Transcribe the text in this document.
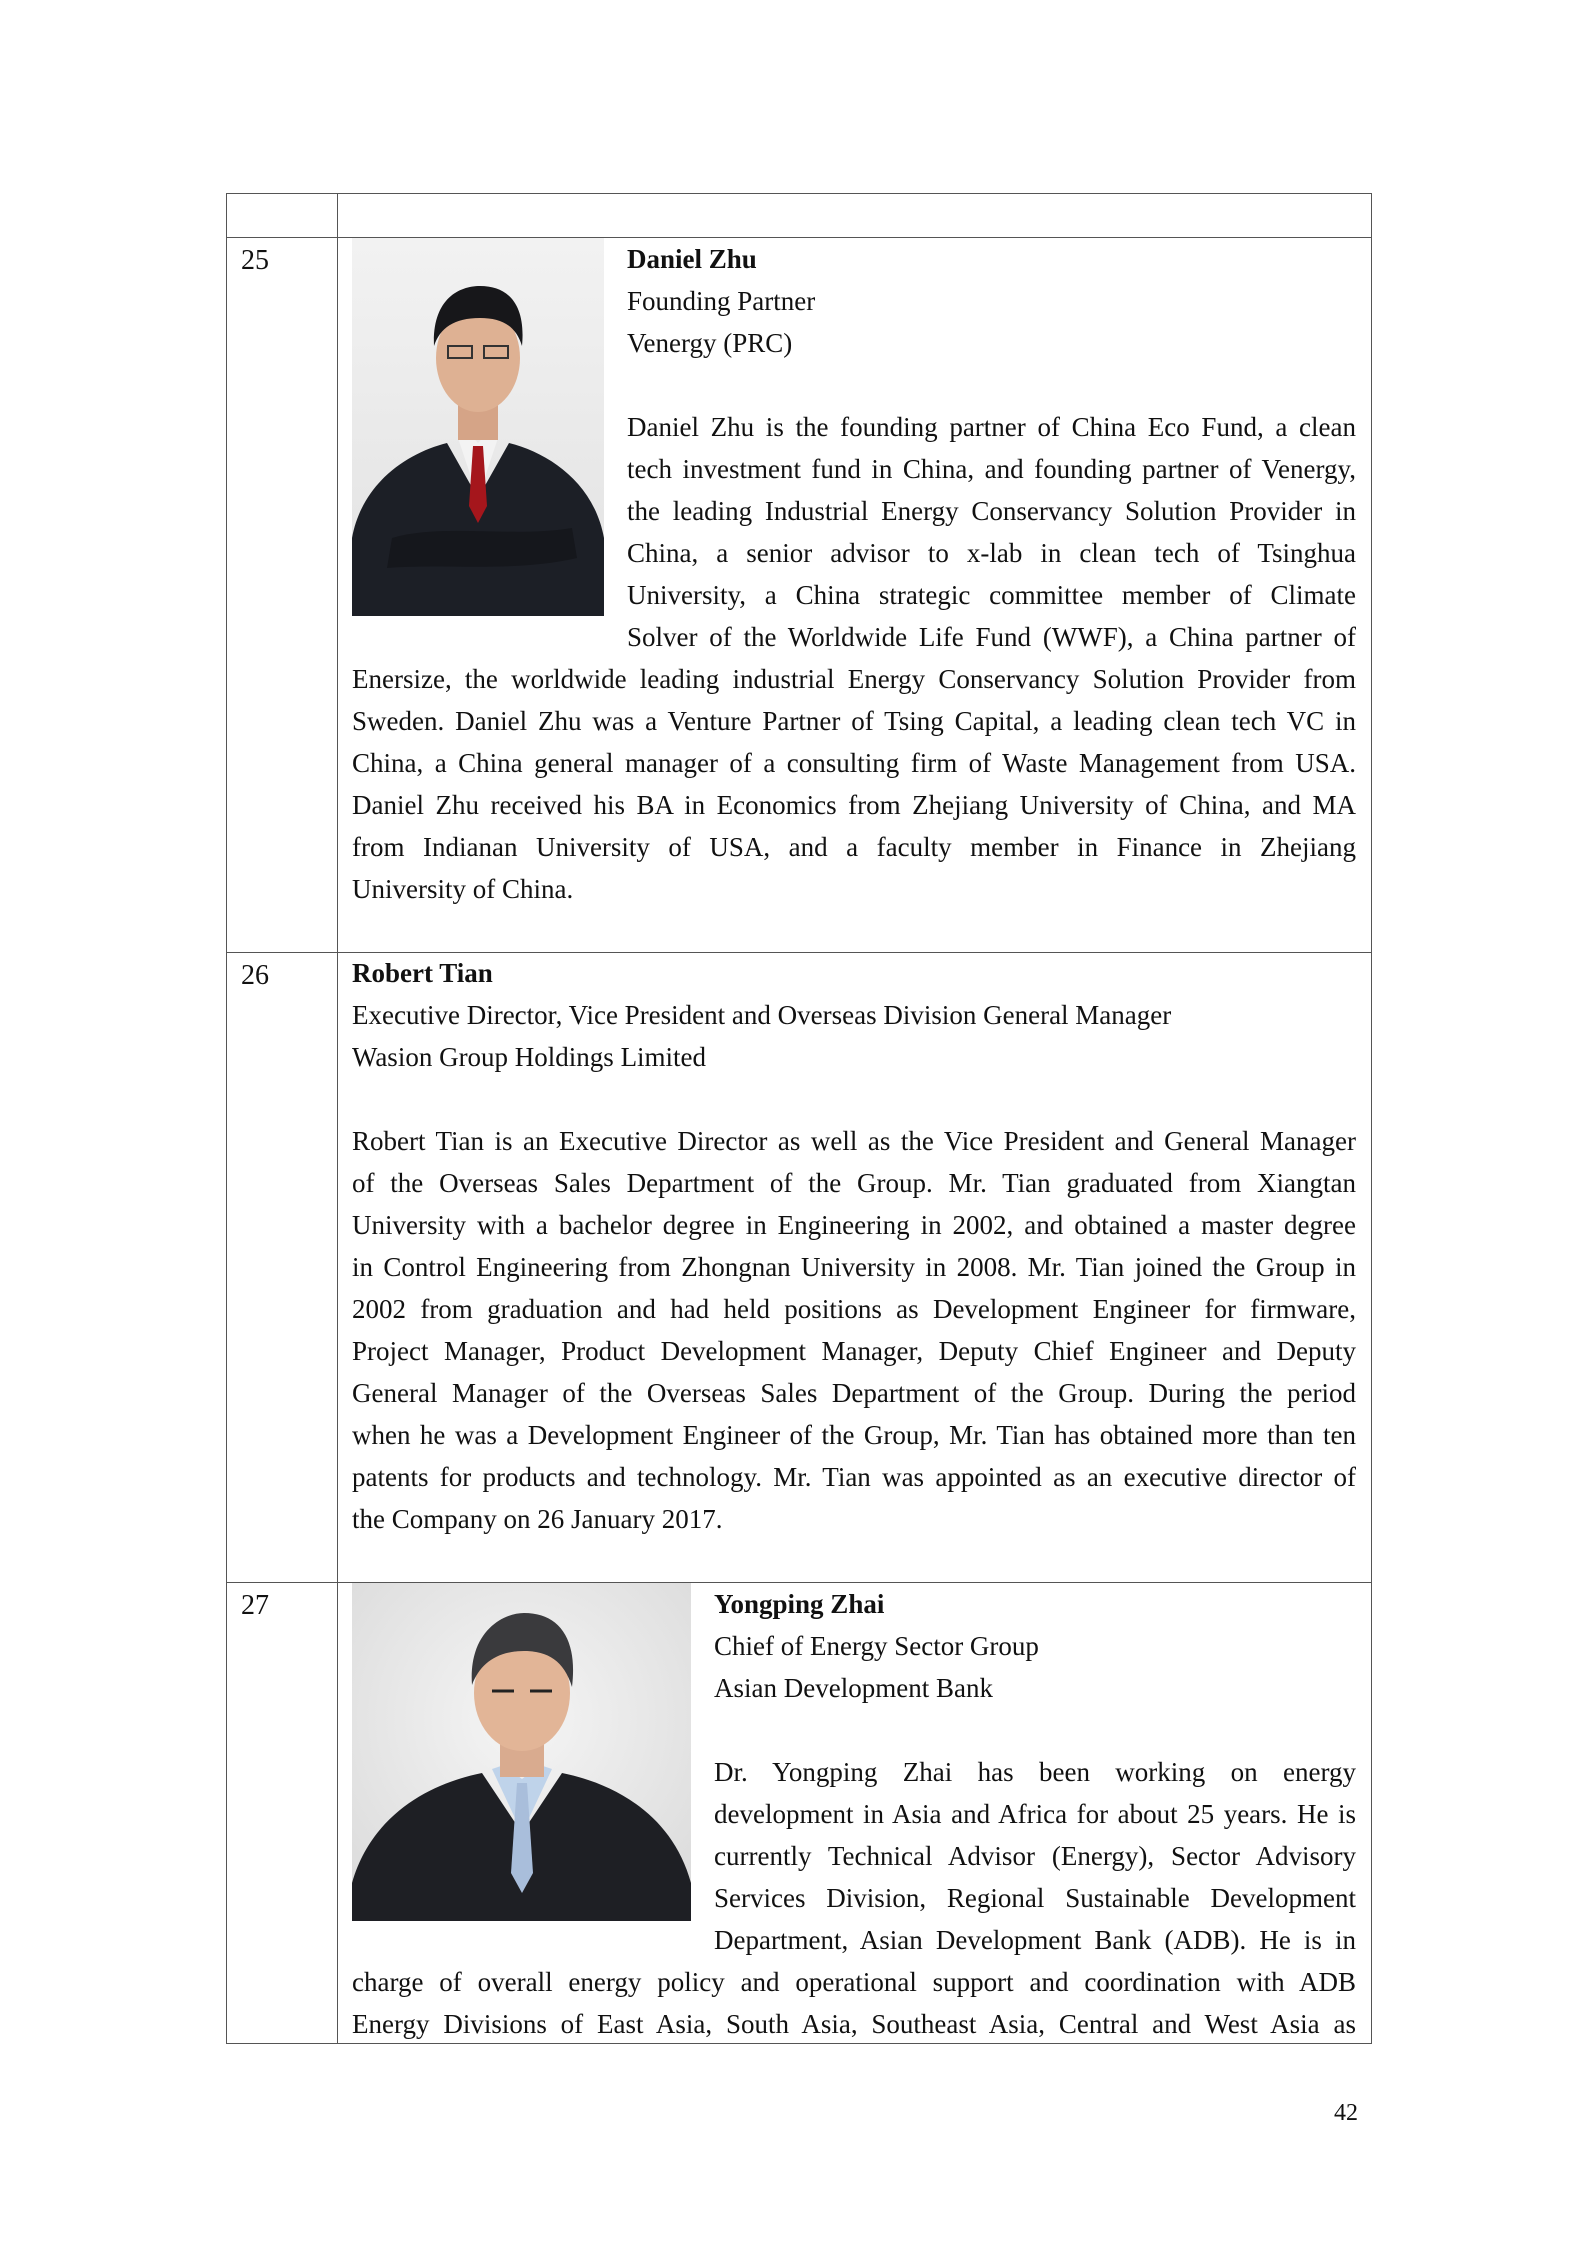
25	Daniel Zhu
Founding Partner
Venergy (PRC)
Daniel Zhu is the founding partner of China Eco Fund, a clean
tech investment fund in China, and founding partner of Venergy,
the leading Industrial Energy Conservancy Solution Provider in
China, a senior advisor to x-lab in clean tech of Tsinghua
University, a China strategic committee member of Climate
Solver of the Worldwide Life Fund (WWF), a China partner of
Enersize, the worldwide leading industrial Energy Conservancy Solution Provider from
Sweden. Daniel Zhu was a Venture Partner of Tsing Capital, a leading clean tech VC in
China, a China general manager of a consulting firm of Waste Management from USA.
Daniel Zhu received his BA in Economics from Zhejiang University of China, and MA
from Indianan University of USA, and a faculty member in Finance in Zhejiang
University of China.
26	Robert Tian
Executive Director, Vice President and Overseas Division General Manager
Wasion Group Holdings Limited
Robert Tian is an Executive Director as well as the Vice President and General Manager
of the Overseas Sales Department of the Group. Mr. Tian graduated from Xiangtan
University with a bachelor degree in Engineering in 2002, and obtained a master degree
in Control Engineering from Zhongnan University in 2008. Mr. Tian joined the Group in
2002 from graduation and had held positions as Development Engineer for firmware,
Project Manager, Product Development Manager, Deputy Chief Engineer and Deputy
General Manager of the Overseas Sales Department of the Group. During the period
when he was a Development Engineer of the Group, Mr. Tian has obtained more than ten
patents for products and technology. Mr. Tian was appointed as an executive director of
the Company on 26 January 2017.
27	Yongping Zhai
Chief of Energy Sector Group
Asian Development Bank
Dr. Yongping Zhai has been working on energy
development in Asia and Africa for about 25 years. He is
currently Technical Advisor (Energy), Sector Advisory
Services Division, Regional Sustainable Development
Department, Asian Development Bank (ADB). He is in
charge of overall energy policy and operational support and coordination with ADB
Energy Divisions of East Asia, South Asia, Southeast Asia, Central and West Asia as
42
